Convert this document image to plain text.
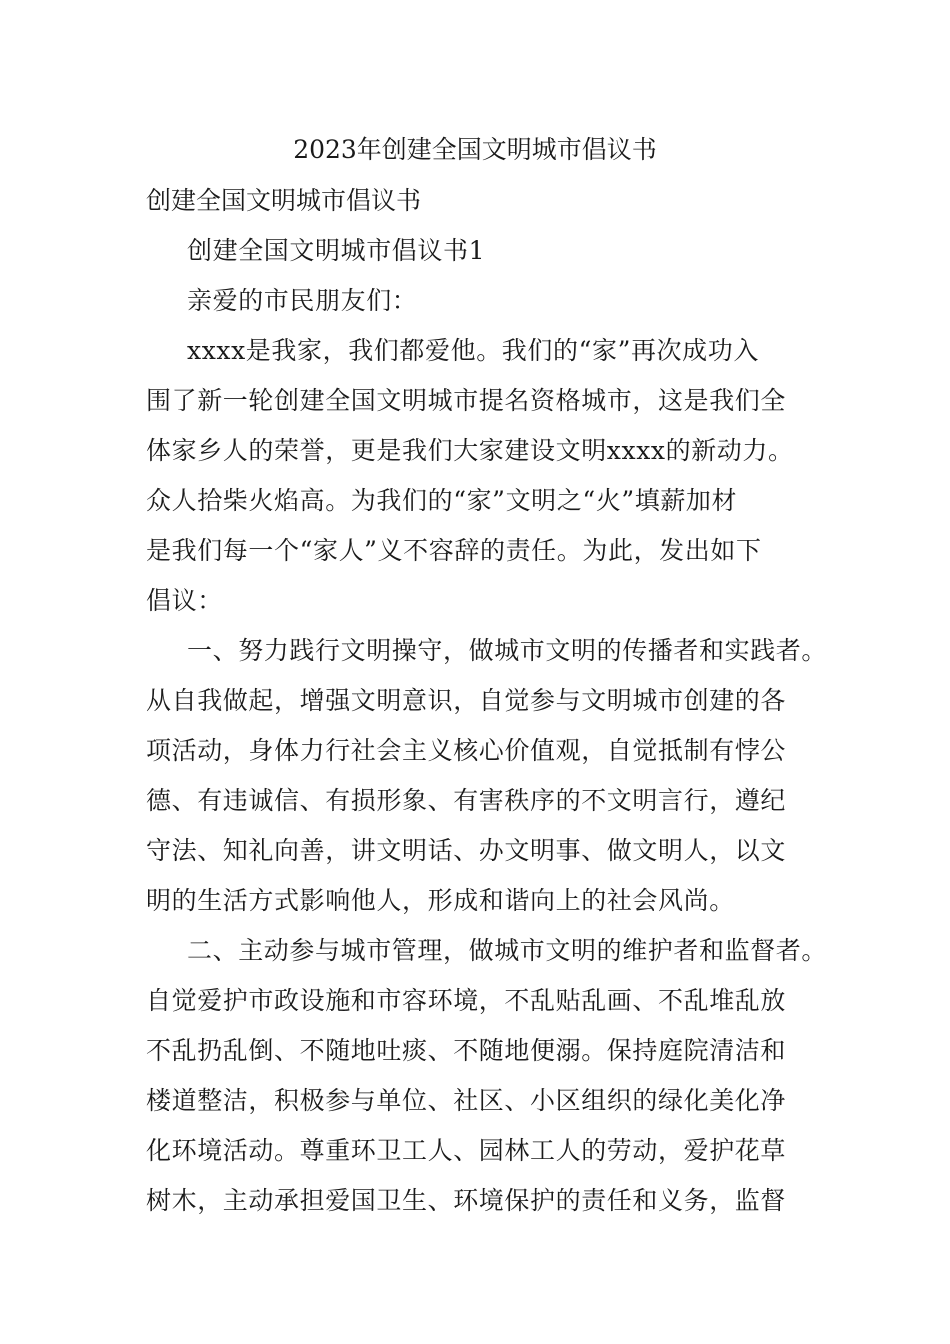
2023年创建全国文明城市倡议书
创建全国文明城市倡议书
创建全国文明城市倡议书1
亲爱的市民朋友们：
xxxx是我家，我们都爱他。我们的“家”再次成功入
围了新一轮创建全国文明城市提名资格城市，这是我们全
体家乡人的荣誉，更是我们大家建设文明xxxx的新动力。
众人拾柴火焰高。为我们的“家”文明之“火”填薪加材
是我们每一个“家人”义不容辞的责任。为此，发出如下
倡议：
一、努力践行文明操守，做城市文明的传播者和实践者。
从自我做起，增强文明意识，自觉参与文明城市创建的各
项活动，身体力行社会主义核心价值观，自觉抵制有悖公
德、有违诚信、有损形象、有害秩序的不文明言行，遵纪
守法、知礼向善，讲文明话、办文明事、做文明人，以文
明的生活方式影响他人，形成和谐向上的社会风尚。
二、主动参与城市管理，做城市文明的维护者和监督者。
自觉爱护市政设施和市容环境，不乱贴乱画、不乱堆乱放
不乱扔乱倒、不随地吐痰、不随地便溺。保持庭院清洁和
楼道整洁，积极参与单位、社区、小区组织的绿化美化净
化环境活动。尊重环卫工人、园林工人的劳动，爱护花草
树木，主动承担爱国卫生、环境保护的责任和义务，监督
